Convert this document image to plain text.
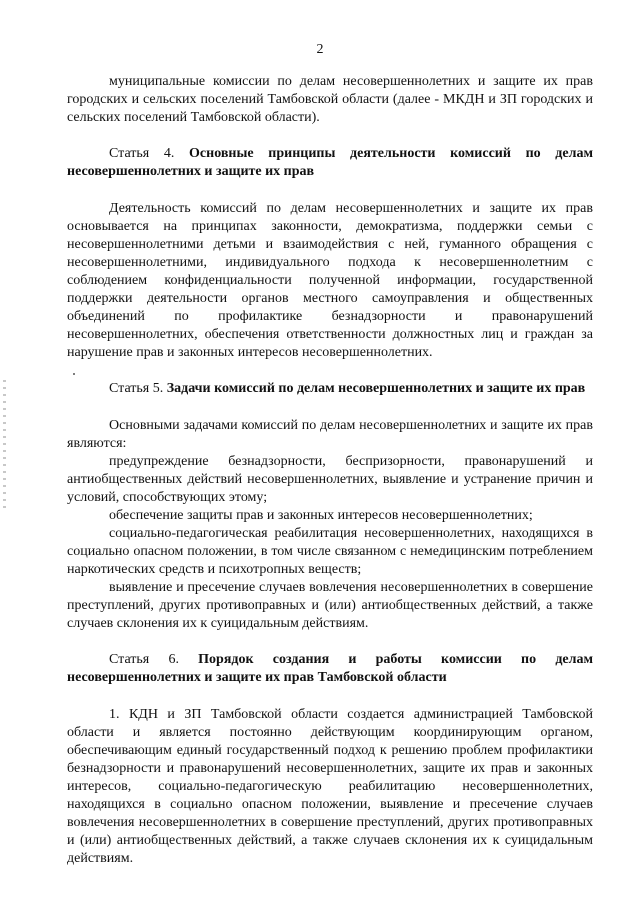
2

муниципальные комиссии по делам несовершеннолетних и защите их прав городских и сельских поселений Тамбовской области (далее - МКДН и ЗП городских и сельских поселений Тамбовской области).

Статья 4. Основные принципы деятельности комиссий по делам несовершеннолетних и защите их прав

Деятельность комиссий по делам несовершеннолетних и защите их прав основывается на принципах законности, демократизма, поддержки семьи с несовершеннолетними детьми и взаимодействия с ней, гуманного обращения с несовершеннолетними, индивидуального подхода к несовершеннолетним с соблюдением конфиденциальности полученной информации, государственной поддержки деятельности органов местного самоуправления и общественных объединений по профилактике безнадзорности и правонарушений несовершеннолетних, обеспечения ответственности должностных лиц и граждан за нарушение прав и законных интересов несовершеннолетних.

Статья 5. Задачи комиссий по делам несовершеннолетних и защите их прав

Основными задачами комиссий по делам несовершеннолетних и защите их прав являются:

предупреждение безнадзорности, беспризорности, правонарушений и антиобщественных действий несовершеннолетних, выявление и устранение причин и условий, способствующих этому;

обеспечение защиты прав и законных интересов несовершеннолетних;

социально-педагогическая реабилитация несовершеннолетних, находящихся в социально опасном положении, в том числе связанном с немедицинским потреблением наркотических средств и психотропных веществ;

выявление и пресечение случаев вовлечения несовершеннолетних в совершение преступлений, других противоправных и (или) антиобщественных действий, а также случаев склонения их к суицидальным действиям.

Статья 6. Порядок создания и работы комиссии по делам несовершеннолетних и защите их прав Тамбовской области

1. КДН и ЗП Тамбовской области создается администрацией Тамбовской области и является постоянно действующим координирующим органом, обеспечивающим единый государственный подход к решению проблем профилактики безнадзорности и правонарушений несовершеннолетних, защите их прав и законных интересов, социально-педагогическую реабилитацию несовершеннолетних, находящихся в социально опасном положении, выявление и пресечение случаев вовлечения несовершеннолетних в совершение преступлений, других противоправных и (или) антиобщественных действий, а также случаев склонения их к суицидальным действиям.
